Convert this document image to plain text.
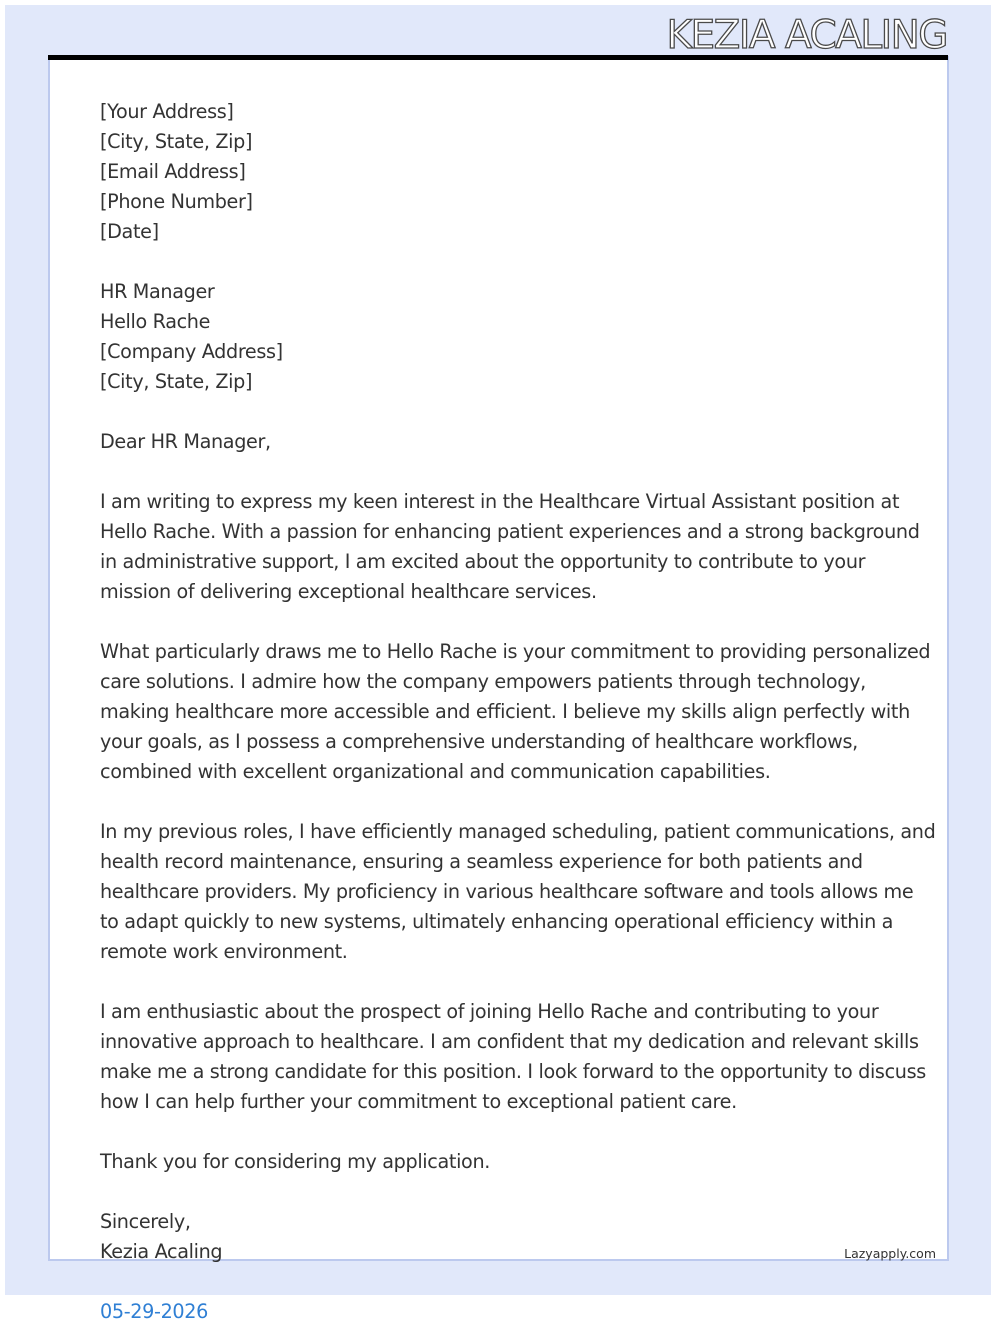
KEZIA ACALING
[Your Address]
[City, State, Zip]
[Email Address]
[Phone Number]
[Date]
HR Manager
Hello Rache
[Company Address]
[City, State, Zip]
Dear HR Manager,
I am writing to express my keen interest in the Healthcare Virtual Assistant position at
Hello Rache. With a passion for enhancing patient experiences and a strong background
in administrative support, I am excited about the opportunity to contribute to your
mission of delivering exceptional healthcare services.
What particularly draws me to Hello Rache is your commitment to providing personalized
care solutions. I admire how the company empowers patients through technology,
making healthcare more accessible and efficient. I believe my skills align perfectly with
your goals, as I possess a comprehensive understanding of healthcare workflows,
combined with excellent organizational and communication capabilities.
In my previous roles, I have efficiently managed scheduling, patient communications, and
health record maintenance, ensuring a seamless experience for both patients and
healthcare providers. My proficiency in various healthcare software and tools allows me
to adapt quickly to new systems, ultimately enhancing operational efficiency within a
remote work environment.
I am enthusiastic about the prospect of joining Hello Rache and contributing to your
innovative approach to healthcare. I am confident that my dedication and relevant skills
make me a strong candidate for this position. I look forward to the opportunity to discuss
how I can help further your commitment to exceptional patient care.
Thank you for considering my application.
Sincerely,
Kezia Acaling
05-29-2026
Lazyapply.com
